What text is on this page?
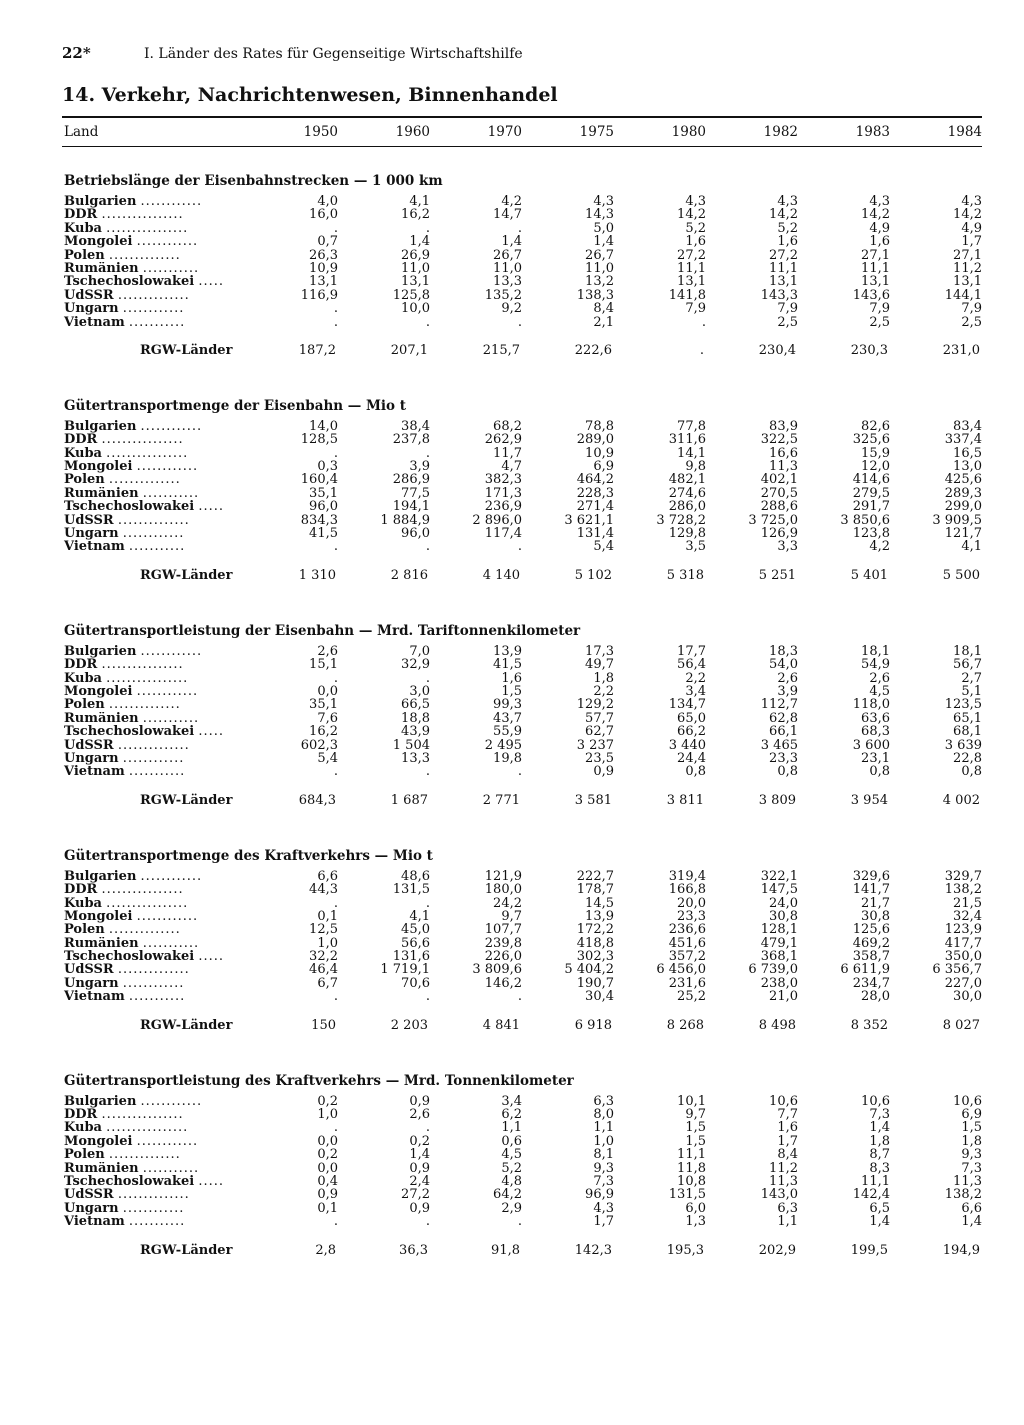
22*	I. Länder des Rates für Gegenseitige Wirtschaftshilfe
14. Verkehr, Nachrichtenwesen, Binnenhandel
Land	1950	1960	1970	1975	1980	1982	1983	1984
Betriebslänge der Eisenbahnstrecken — 1 000 km
Bulgarien ............	4,0	4,1	4,2	4,3	4,3	4,3	4,3	4,3
DDR ................	16,0	16,2	14,7	14,3	14,2	14,2	14,2	14,2
Kuba ................	.	.	.	5,0	5,2	5,2	4,9	4,9
Mongolei ............	0,7	1,4	1,4	1,4	1,6	1,6	1,6	1,7
Polen ..............	26,3	26,9	26,7	26,7	27,2	27,2	27,1	27,1
Rumänien ...........	10,9	11,0	11,0	11,0	11,1	11,1	11,1	11,2
Tschechoslowakei .....	13,1	13,1	13,3	13,2	13,1	13,1	13,1	13,1
UdSSR ..............	116,9	125,8	135,2	138,3	141,8	143,3	143,6	144,1
Ungarn ............	.	10,0	9,2	8,4	7,9	7,9	7,9	7,9
Vietnam ...........	.	.	.	2,1	.	2,5	2,5	2,5
RGW-Länder	187,2	207,1	215,7	222,6	.	230,4	230,3	231,0
Gütertransportmenge der Eisenbahn — Mio t
Bulgarien ............	14,0	38,4	68,2	78,8	77,8	83,9	82,6	83,4
DDR ................	128,5	237,8	262,9	289,0	311,6	322,5	325,6	337,4
Kuba ................	.	.	11,7	10,9	14,1	16,6	15,9	16,5
Mongolei ............	0,3	3,9	4,7	6,9	9,8	11,3	12,0	13,0
Polen ..............	160,4	286,9	382,3	464,2	482,1	402,1	414,6	425,6
Rumänien ...........	35,1	77,5	171,3	228,3	274,6	270,5	279,5	289,3
Tschechoslowakei .....	96,0	194,1	236,9	271,4	286,0	288,6	291,7	299,0
UdSSR ..............	834,3	1 884,9	2 896,0	3 621,1	3 728,2	3 725,0	3 850,6	3 909,5
Ungarn ............	41,5	96,0	117,4	131,4	129,8	126,9	123,8	121,7
Vietnam ...........	.	.	.	5,4	3,5	3,3	4,2	4,1
RGW-Länder	1 310	2 816	4 140	5 102	5 318	5 251	5 401	5 500
Gütertransportleistung der Eisenbahn — Mrd. Tariftonnenkilometer
Bulgarien ............	2,6	7,0	13,9	17,3	17,7	18,3	18,1	18,1
DDR ................	15,1	32,9	41,5	49,7	56,4	54,0	54,9	56,7
Kuba ................	.	.	1,6	1,8	2,2	2,6	2,6	2,7
Mongolei ............	0,0	3,0	1,5	2,2	3,4	3,9	4,5	5,1
Polen ..............	35,1	66,5	99,3	129,2	134,7	112,7	118,0	123,5
Rumänien ...........	7,6	18,8	43,7	57,7	65,0	62,8	63,6	65,1
Tschechoslowakei .....	16,2	43,9	55,9	62,7	66,2	66,1	68,3	68,1
UdSSR ..............	602,3	1 504	2 495	3 237	3 440	3 465	3 600	3 639
Ungarn ............	5,4	13,3	19,8	23,5	24,4	23,3	23,1	22,8
Vietnam ...........	.	.	.	0,9	0,8	0,8	0,8	0,8
RGW-Länder	684,3	1 687	2 771	3 581	3 811	3 809	3 954	4 002
Gütertransportmenge des Kraftverkehrs — Mio t
Bulgarien ............	6,6	48,6	121,9	222,7	319,4	322,1	329,6	329,7
DDR ................	44,3	131,5	180,0	178,7	166,8	147,5	141,7	138,2
Kuba ................	.	.	24,2	14,5	20,0	24,0	21,7	21,5
Mongolei ............	0,1	4,1	9,7	13,9	23,3	30,8	30,8	32,4
Polen ..............	12,5	45,0	107,7	172,2	236,6	128,1	125,6	123,9
Rumänien ...........	1,0	56,6	239,8	418,8	451,6	479,1	469,2	417,7
Tschechoslowakei .....	32,2	131,6	226,0	302,3	357,2	368,1	358,7	350,0
UdSSR ..............	46,4	1 719,1	3 809,6	5 404,2	6 456,0	6 739,0	6 611,9	6 356,7
Ungarn ............	6,7	70,6	146,2	190,7	231,6	238,0	234,7	227,0
Vietnam ...........	.	.	.	30,4	25,2	21,0	28,0	30,0
RGW-Länder	150	2 203	4 841	6 918	8 268	8 498	8 352	8 027
Gütertransportleistung des Kraftverkehrs — Mrd. Tonnenkilometer
Bulgarien ............	0,2	0,9	3,4	6,3	10,1	10,6	10,6	10,6
DDR ................	1,0	2,6	6,2	8,0	9,7	7,7	7,3	6,9
Kuba ................	.	.	1,1	1,1	1,5	1,6	1,4	1,5
Mongolei ............	0,0	0,2	0,6	1,0	1,5	1,7	1,8	1,8
Polen ..............	0,2	1,4	4,5	8,1	11,1	8,4	8,7	9,3
Rumänien ...........	0,0	0,9	5,2	9,3	11,8	11,2	8,3	7,3
Tschechoslowakei .....	0,4	2,4	4,8	7,3	10,8	11,3	11,1	11,3
UdSSR ..............	0,9	27,2	64,2	96,9	131,5	143,0	142,4	138,2
Ungarn ............	0,1	0,9	2,9	4,3	6,0	6,3	6,5	6,6
Vietnam ...........	.	.	.	1,7	1,3	1,1	1,4	1,4
RGW-Länder	2,8	36,3	91,8	142,3	195,3	202,9	199,5	194,9
